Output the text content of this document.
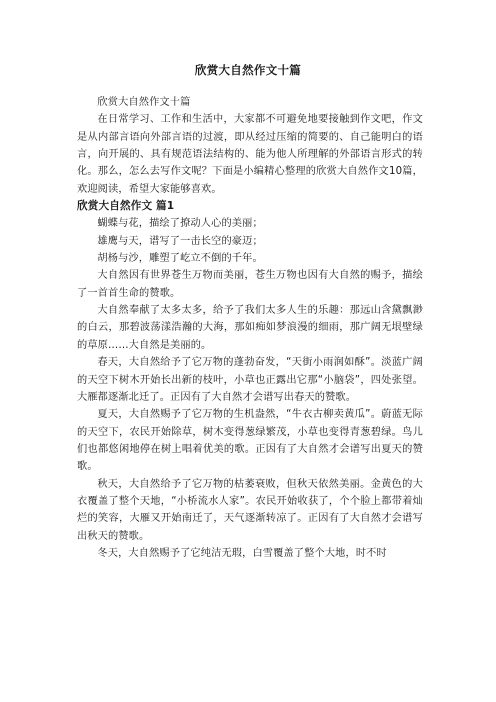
欣赏大自然作文十篇

欣赏大自然作文十篇

在日常学习、工作和生活中，大家都不可避免地要接触到作文吧，作文是从内部言语向外部言语的过渡，即从经过压缩的简要的、自己能明白的语言，向开展的、具有规范语法结构的、能为他人所理解的外部语言形式的转化。那么，怎么去写作文呢？下面是小编精心整理的欣赏大自然作文10篇，欢迎阅读，希望大家能够喜欢。

欣赏大自然作文 篇1

蝴蝶与花，描绘了撩动人心的美丽；

雄鹰与天，谱写了一击长空的豪迈；

胡杨与沙，雕塑了屹立不倒的千年。

大自然因有世界苍生万物而美丽，苍生万物也因有大自然的赐予，描绘了一首首生命的赞歌。

大自然奉献了太多太多，给予了我们太多人生的乐趣：那远山含黛飘渺的白云，那碧波荡漾浩瀚的大海，那如痴如梦浪漫的细雨，那广阔无垠壁绿的草原……大自然是美丽的。

春天，大自然给予了它万物的蓬勃奋发，“天街小雨润如酥”。淡蓝广阔的天空下树木开始长出新的枝叶，小草也正露出它那“小脑袋”，四处张望。大雁都逐渐北迁了。正因有了大自然才会谱写出春天的赞歌。

夏天，大自然赐予了它万物的生机盎然，“牛衣古柳卖黄瓜”。蔚蓝无际的天空下，农民开始除草，树木变得葱绿繁茂，小草也变得青葱碧绿。鸟儿们也都悠闲地停在树上唱着优美的歌。正因有了大自然才会谱写出夏天的赞歌。

秋天，大自然给予了它万物的枯萎衰败，但秋天依然美丽。金黄色的大衣覆盖了整个天地，“小桥流水人家”。农民开始收获了，个个脸上都带着灿烂的笑容，大雁又开始南迁了，天气逐渐转凉了。正因有了大自然才会谱写出秋天的赞歌。

冬天，大自然赐予了它纯洁无瑕，白雪覆盖了整个大地，时不时
